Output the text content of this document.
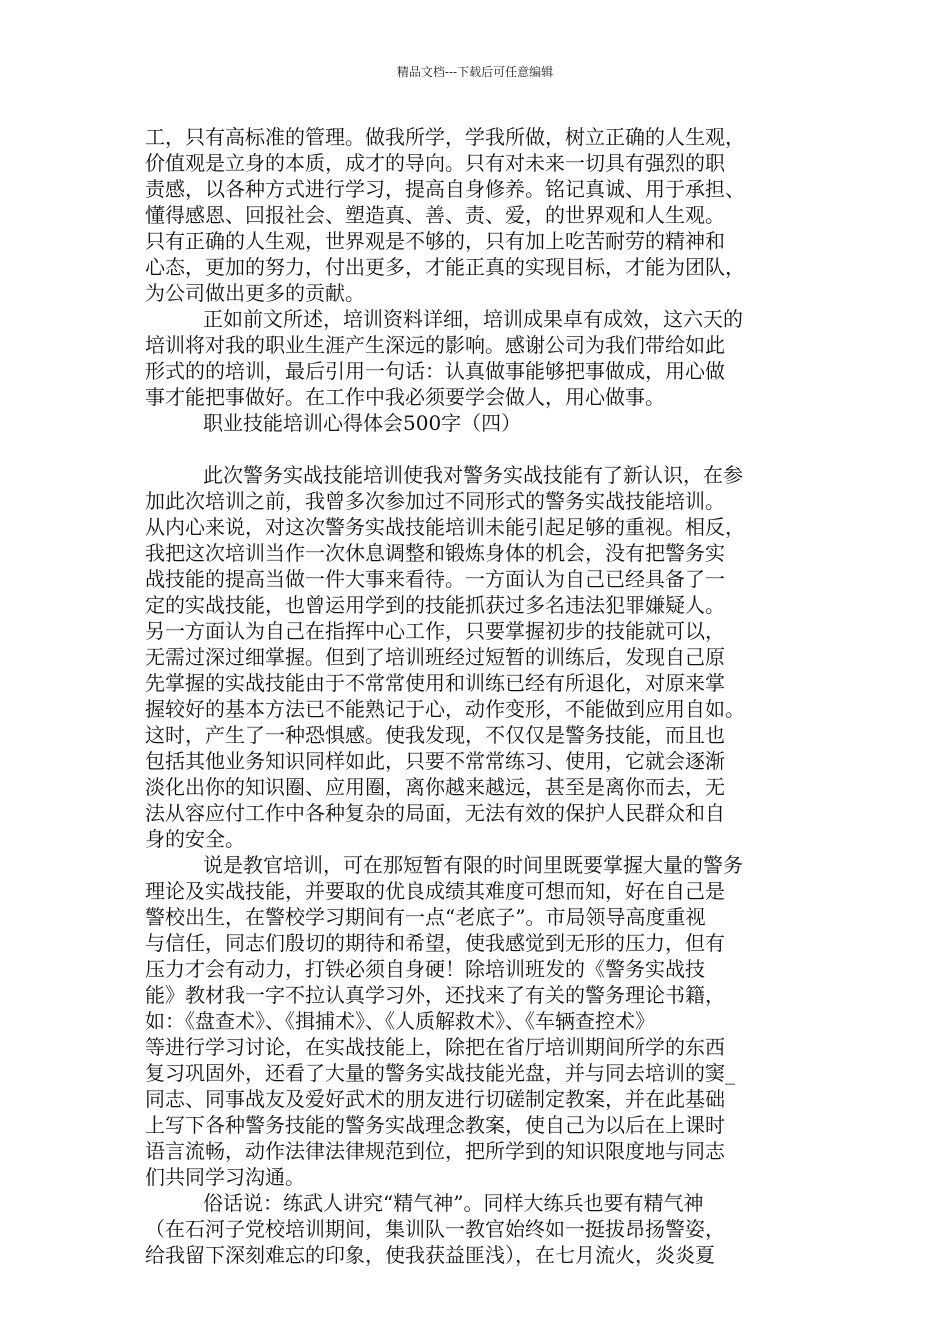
精品文档---下载后可任意编辑
工，只有高标准的管理。做我所学，学我所做，树立正确的人生观，
价值观是立身的本质，成才的导向。只有对未来一切具有强烈的职
责感，以各种方式进行学习，提高自身修养。铭记真诚、用于承担、
懂得感恩、回报社会、塑造真、善、责、爱，的世界观和人生观。
只有正确的人生观，世界观是不够的，只有加上吃苦耐劳的精神和
心态，更加的努力，付出更多，才能正真的实现目标，才能为团队，
为公司做出更多的贡献。
正如前文所述，培训资料详细，培训成果卓有成效，这六天的
培训将对我的职业生涯产生深远的影响。感谢公司为我们带给如此
形式的的培训，最后引用一句话：认真做事能够把事做成，用心做
事才能把事做好。在工作中我必须要学会做人，用心做事。
职业技能培训心得体会500字（四）
此次警务实战技能培训使我对警务实战技能有了新认识，在参
加此次培训之前，我曾多次参加过不同形式的警务实战技能培训。
从内心来说，对这次警务实战技能培训未能引起足够的重视。相反，
我把这次培训当作一次休息调整和锻炼身体的机会，没有把警务实
战技能的提高当做一件大事来看待。一方面认为自己已经具备了一
定的实战技能，也曾运用学到的技能抓获过多名违法犯罪嫌疑人。
另一方面认为自己在指挥中心工作，只要掌握初步的技能就可以，
无需过深过细掌握。但到了培训班经过短暂的训练后，发现自己原
先掌握的实战技能由于不常常使用和训练已经有所退化，对原来掌
握较好的基本方法已不能熟记于心，动作变形，不能做到应用自如。
这时，产生了一种恐惧感。使我发现，不仅仅是警务技能，而且也
包括其他业务知识同样如此，只要不常常练习、使用，它就会逐渐
淡化出你的知识圈、应用圈，离你越来越远，甚至是离你而去，无
法从容应付工作中各种复杂的局面，无法有效的保护人民群众和自
身的安全。
说是教官培训，可在那短暂有限的时间里既要掌握大量的警务
理论及实战技能，并要取的优良成绩其难度可想而知，好在自己是
警校出生，在警校学习期间有一点“老底子”。市局领导高度重视
与信任，同志们殷切的期待和希望，使我感觉到无形的压力，但有
压力才会有动力，打铁必须自身硬！除培训班发的《警务实战技
能》教材我一字不拉认真学习外，还找来了有关的警务理论书籍，
如：《盘查术》、《揖捕术》、《人质解救术》、《车辆查控术》
等进行学习讨论，在实战技能上，除把在省厅培训期间所学的东西
复习巩固外，还看了大量的警务实战技能光盘，并与同去培训的窦_
同志、同事战友及爱好武术的朋友进行切磋制定教案，并在此基础
上写下各种警务技能的警务实战理念教案，使自己为以后在上课时
语言流畅，动作法律法律规范到位，把所学到的知识限度地与同志
们共同学习沟通。
俗话说：练武人讲究“精气神”。同样大练兵也要有精气神
（在石河子党校培训期间，集训队一教官始终如一挺拔昂扬警姿，
给我留下深刻难忘的印象，使我获益匪浅），在七月流火，炎炎夏
